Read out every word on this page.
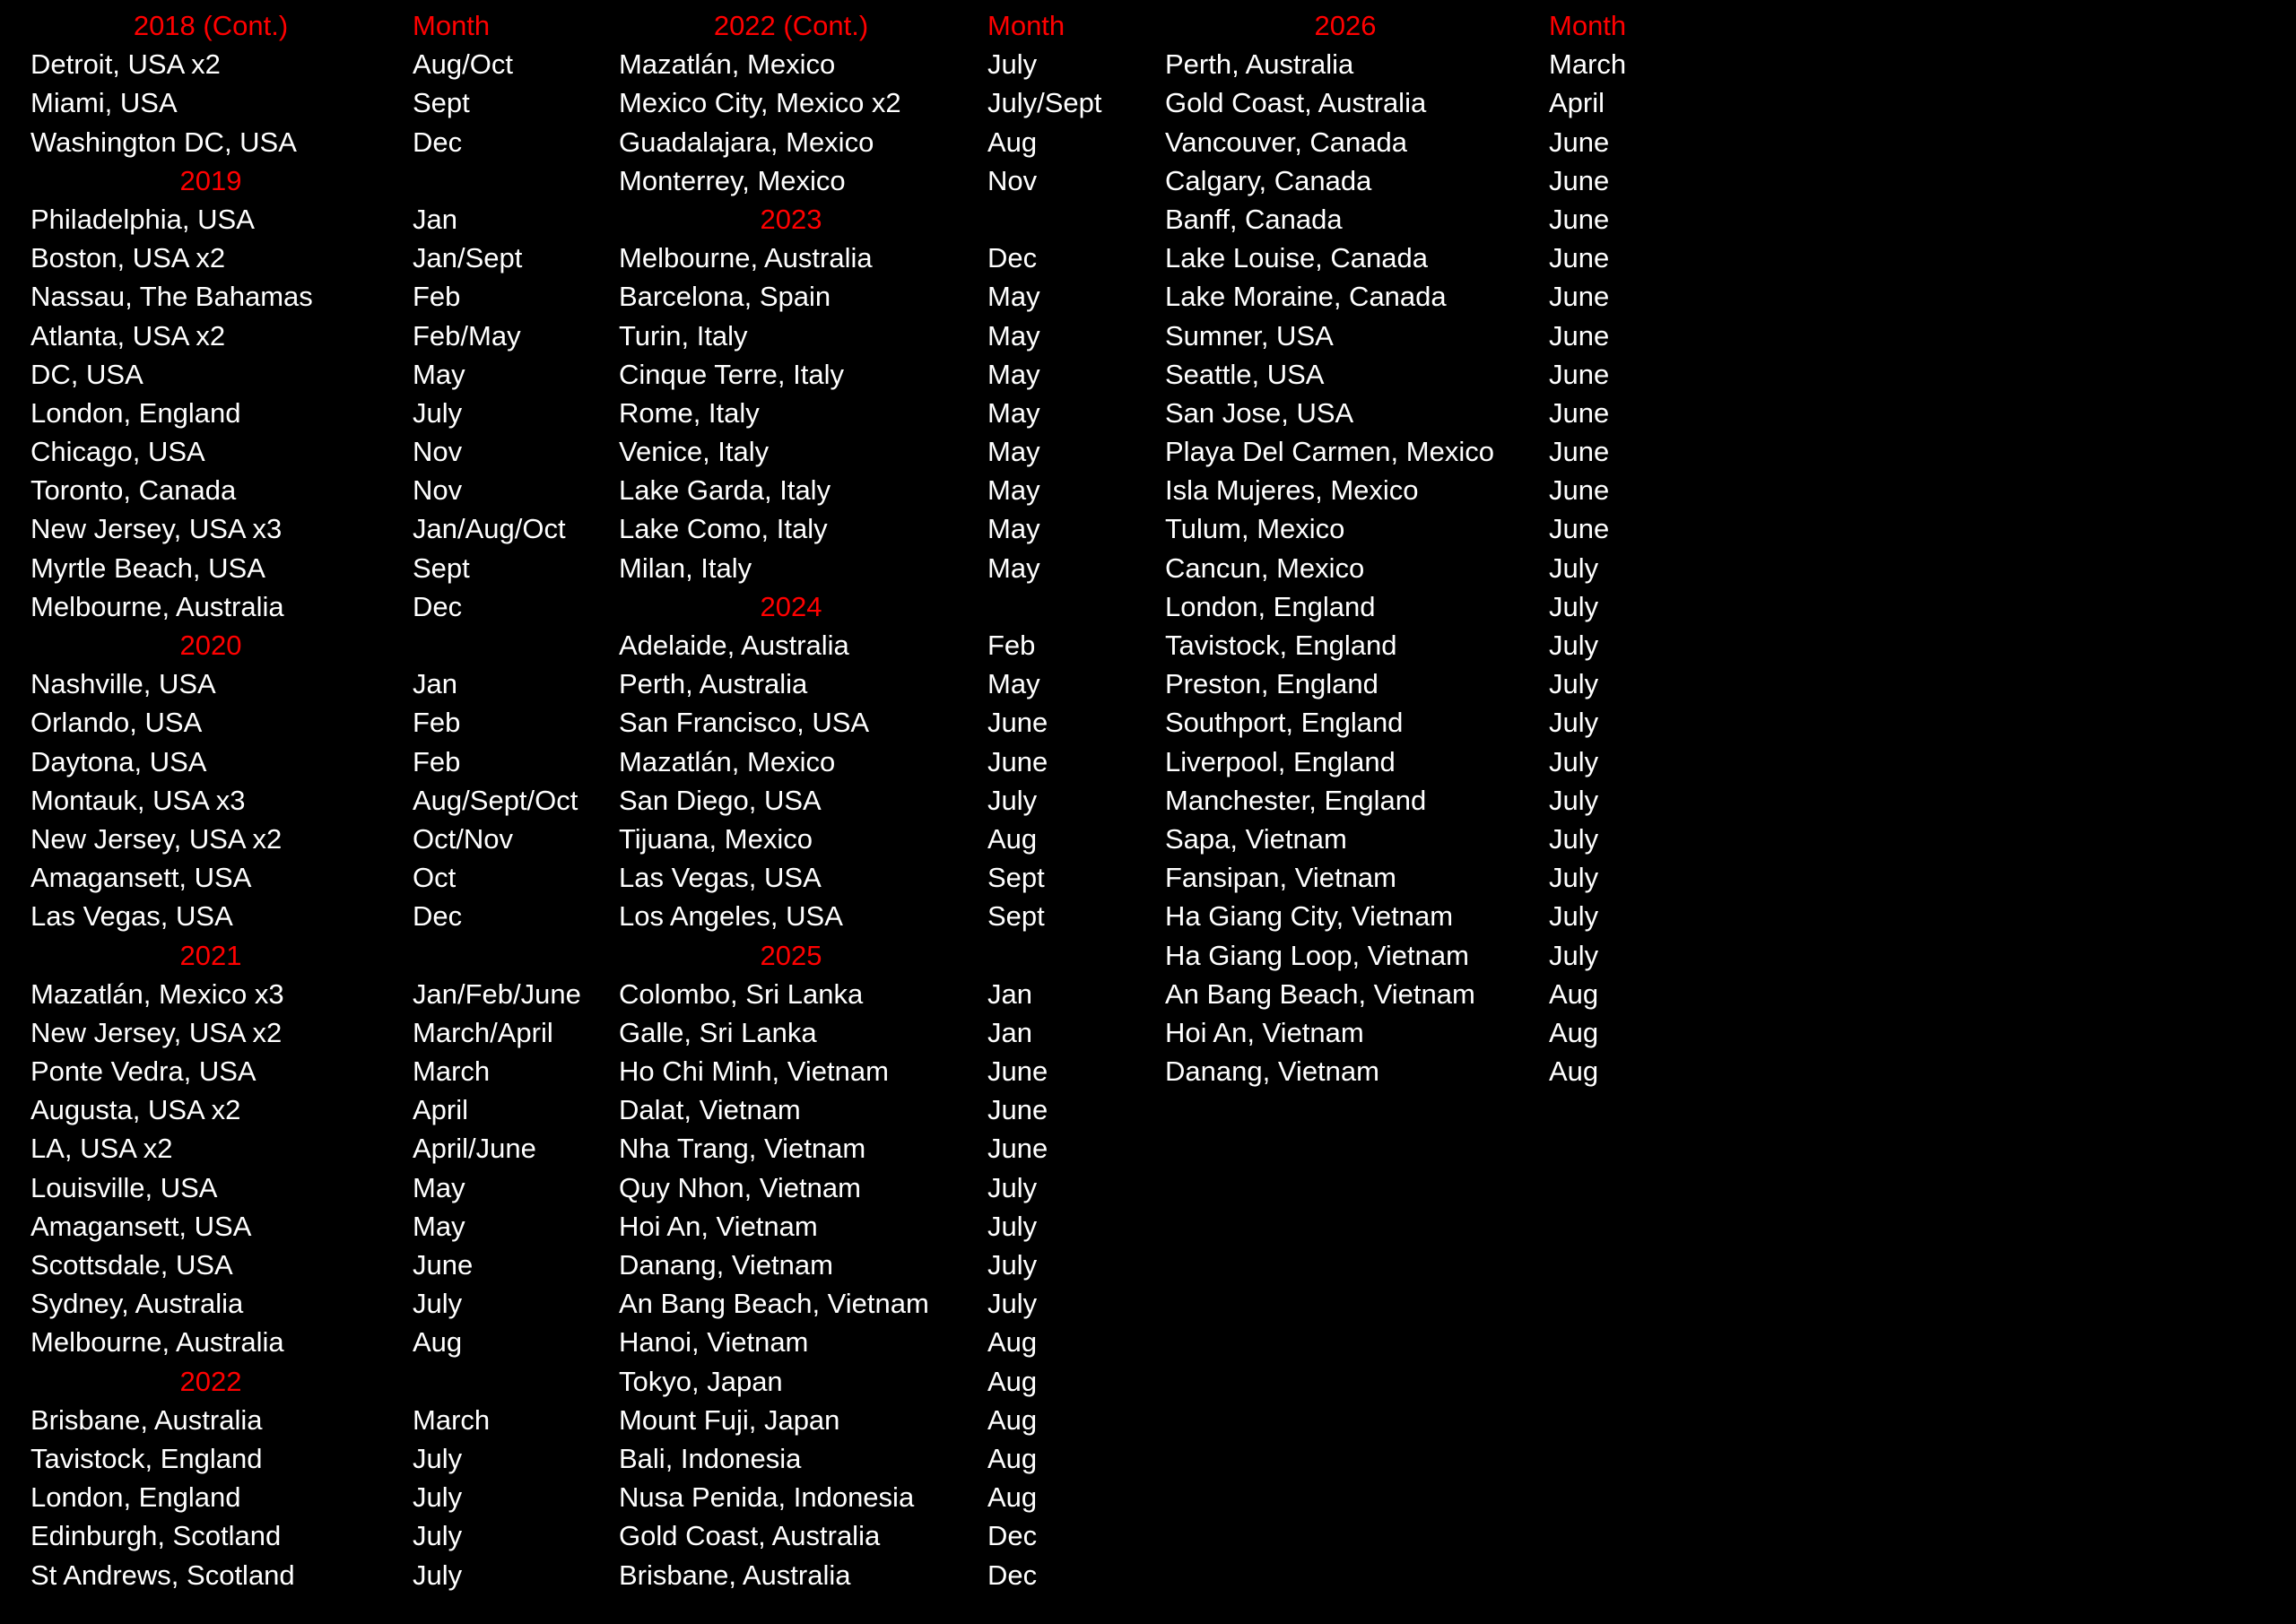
2018 (Cont.)	Month
Detroit, USA x2	Aug/Oct
Miami, USA	Sept
Washington DC, USA	Dec
2019
Philadelphia, USA	Jan
Boston, USA x2	Jan/Sept
Nassau, The Bahamas	Feb
Atlanta, USA x2	Feb/May
DC, USA	May
London, England	July
Chicago, USA	Nov
Toronto, Canada	Nov
New Jersey, USA x3	Jan/Aug/Oct
Myrtle Beach, USA	Sept
Melbourne, Australia	Dec
2020
Nashville, USA	Jan
Orlando, USA	Feb
Daytona, USA	Feb
Montauk, USA x3	Aug/Sept/Oct
New Jersey, USA x2	Oct/Nov
Amagansett, USA	Oct
Las Vegas, USA	Dec
2021
Mazatlán, Mexico x3	Jan/Feb/June
New Jersey, USA x2	March/April
Ponte Vedra, USA	March
Augusta, USA x2	April
LA, USA x2	April/June
Louisville, USA	May
Amagansett, USA	May
Scottsdale, USA	June
Sydney, Australia	July
Melbourne, Australia	Aug
2022
Brisbane, Australia	March
Tavistock, England	July
London, England	July
Edinburgh, Scotland	July
St Andrews, Scotland	July
2022 (Cont.)	Month
Mazatlán, Mexico	July
Mexico City, Mexico x2	July/Sept
Guadalajara, Mexico	Aug
Monterrey, Mexico	Nov
2023
Melbourne, Australia	Dec
Barcelona, Spain	May
Turin, Italy	May
Cinque Terre, Italy	May
Rome, Italy	May
Venice, Italy	May
Lake Garda, Italy	May
Lake Como, Italy	May
Milan, Italy	May
2024
Adelaide, Australia	Feb
Perth, Australia	May
San Francisco, USA	June
Mazatlán, Mexico	June
San Diego, USA	July
Tijuana, Mexico	Aug
Las Vegas, USA	Sept
Los Angeles, USA	Sept
2025
Colombo, Sri Lanka	Jan
Galle, Sri Lanka	Jan
Ho Chi Minh, Vietnam	June
Dalat, Vietnam	June
Nha Trang, Vietnam	June
Quy Nhon, Vietnam	July
Hoi An, Vietnam	July
Danang, Vietnam	July
An Bang Beach, Vietnam July
Hanoi, Vietnam	Aug
Tokyo, Japan	Aug
Mount Fuji, Japan	Aug
Bali, Indonesia	Aug
Nusa Penida, Indonesia	Aug
Gold Coast, Australia	Dec
Brisbane, Australia	Dec
2026	Month
Perth, Australia	March
Gold Coast, Australia	April
Vancouver, Canada	June
Calgary, Canada	June
Banff, Canada	June
Lake Louise, Canada	June
Lake Moraine, Canada	June
Sumner, USA	June
Seattle, USA	June
San Jose, USA	June
Playa Del Carmen, Mexico June
Isla Mujeres, Mexico	June
Tulum, Mexico	June
Cancun, Mexico	July
London, England	July
Tavistock, England	July
Preston, England	July
Southport, England	July
Liverpool, England	July
Manchester, England	July
Sapa, Vietnam	July
Fansipan, Vietnam	July
Ha Giang City, Vietnam	July
Ha Giang Loop, Vietnam	July
An Bang Beach, Vietnam	Aug
Hoi An, Vietnam	Aug
Danang, Vietnam	Aug
